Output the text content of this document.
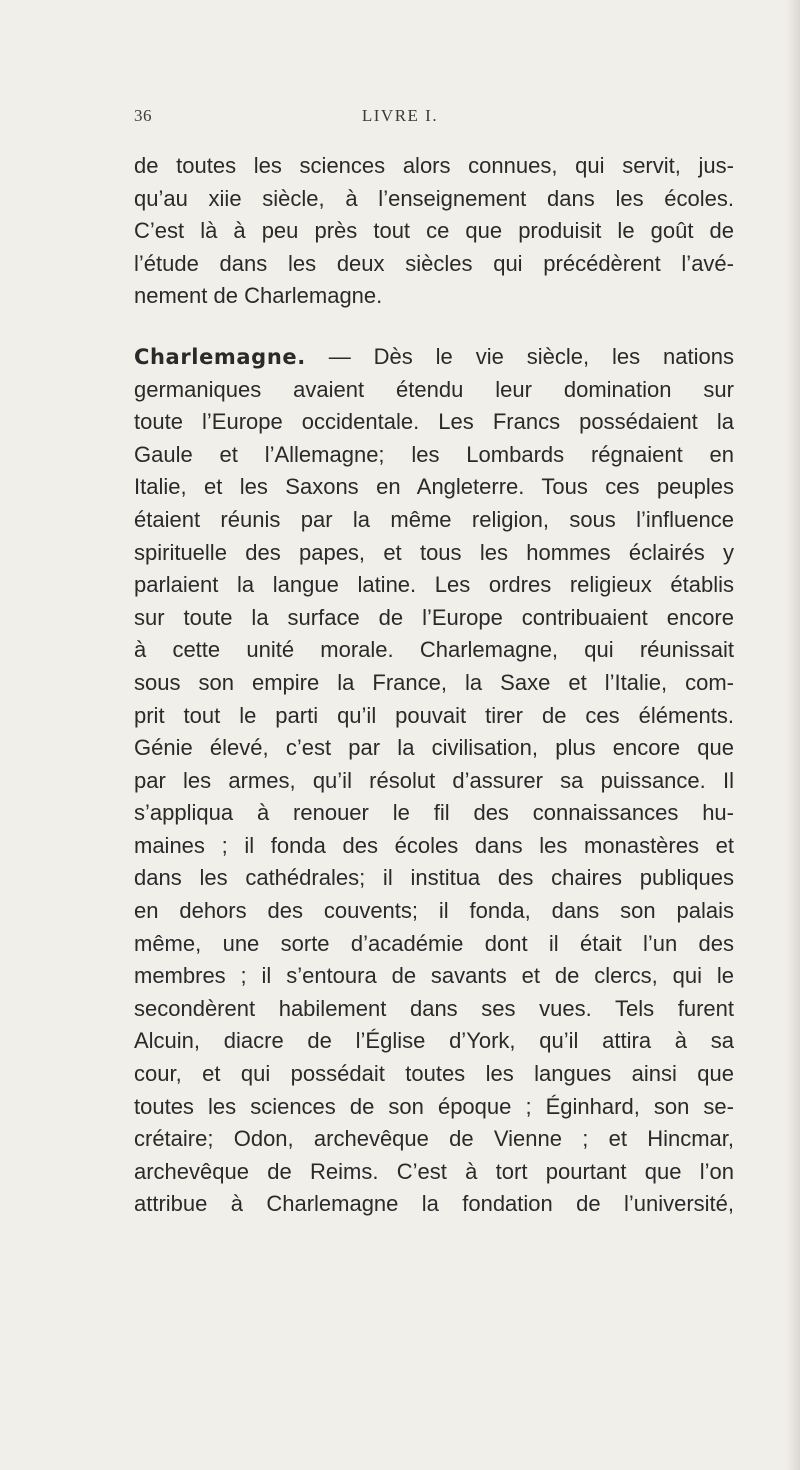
LIVRE I.
36
de toutes les sciences alors connues, qui servit, jus-
qu’au xiie siècle, à l’enseignement dans les écoles.
C’est là à peu près tout ce que produisit le goût de
l’étude dans les deux siècles qui précédèrent l’avé-
nement de Charlemagne.
Charlemagne. — Dès le vie siècle, les nations
germaniques avaient étendu leur domination sur
toute l’Europe occidentale. Les Francs possédaient la
Gaule et l’Allemagne; les Lombards régnaient en
Italie, et les Saxons en Angleterre. Tous ces peuples
étaient réunis par la même religion, sous l’influence
spirituelle des papes, et tous les hommes éclairés y
parlaient la langue latine. Les ordres religieux établis
sur toute la surface de l’Europe contribuaient encore
à cette unité morale. Charlemagne, qui réunissait
sous son empire la France, la Saxe et l’Italie, com-
prit tout le parti qu’il pouvait tirer de ces éléments.
Génie élevé, c’est par la civilisation, plus encore que
par les armes, qu’il résolut d’assurer sa puissance. Il
s’appliqua à renouer le fil des connaissances hu-
maines ; il fonda des écoles dans les monastères et
dans les cathédrales; il institua des chaires publiques
en dehors des couvents; il fonda, dans son palais
même, une sorte d’académie dont il était l’un des
membres ; il s’entoura de savants et de clercs, qui le
secondèrent habilement dans ses vues. Tels furent
Alcuin, diacre de l’Église d’York, qu’il attira à sa
cour, et qui possédait toutes les langues ainsi que
toutes les sciences de son époque ; Éginhard, son se-
crétaire; Odon, archevêque de Vienne ; et Hincmar,
archevêque de Reims. C’est à tort pourtant que l’on
attribue à Charlemagne la fondation de l’université,
